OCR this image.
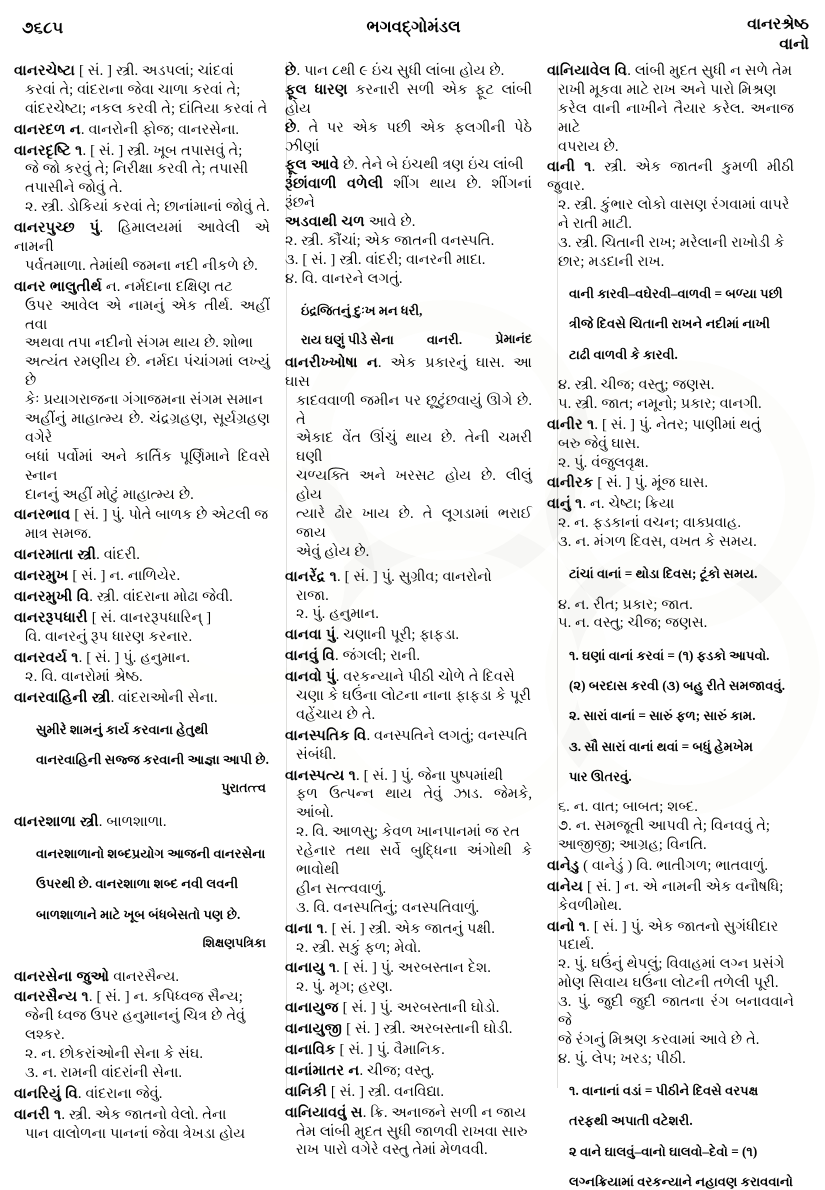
૭૬૮૫	ભગવદ્ગોમંડલ	વાનરશ્રેષ્ઠ
વાનો

વાનરચેષ્ટા [ સં. ] સ્ત્રી. અડપલાં; ચાંદવાં

કરવાં તે; વાંદરાના જેવા ચાળા કરવાં તે;

વાંદરચેષ્ટા; નકલ કરવી તે; દાંતિયા કરવાં તે

વાનરદળ ન. વાનરોની ફોજ; વાનરસેના.

વાનરદૃષ્ટિ ૧. [ સં. ] સ્ત્રી. ખૂબ તપાસવું તે;

જે જો કરવું તે; નિરીક્ષા કરવી તે; તપાસી

તપાસીને જોવું તે.

૨. સ્ત્રી. ડોકિયાં કરવાં તે; છાનાંમાનાં જોવું તે.

વાનરપુચ્છ પું. હિમાલયમાં આવેલી એ નામની

પર્વતમાળા. તેમાંથી જમના નદી નીકળે છે.

વાનર ભાલુતીર્થ ન. નર્મદાના દક્ષિણ તટ

ઉપર આવેલ એ નામનું એક તીર્થ. અહીં તવા

અથવા તપા નદીનો સંગમ થાય છે. શોભા

અત્યંત રમણીય છે. નર્મદા પંચાંગમાં લખ્યું છે

કેઃ પ્રયાગરાજના ગંગાજમના સંગમ સમાન

અહીંનું માહાત્મ્ય છે. ચંદ્રગ્રહણ, સૂર્યગ્રહણ વગેરે

બધાં પર્વોમાં અને કાર્તિક પૂર્ણિમાને દિવસે સ્નાન

દાનનું અહીં મોટું માહાત્મ્ય છે.

વાનરભાવ [ સં. ] પું. પોતે બાળક છે એટલી જ

માત્ર સમજ.

વાનરમાતા સ્ત્રી. વાંદરી.

વાનરમુખ [ સં. ] ન. નાળિયેર.

વાનરમુખી વિ. સ્ત્રી. વાંદરાના મોઢા જેવી.

વાનરરૂપધારી [ સં. વાનરરૂપધારિન્ ]

વિ. વાનરનું રૂપ ધારણ કરનાર.

વાનરવર્ય ૧. [ સં. ] પું. હનુમાન.

૨. વિ. વાનરોમાં શ્રેષ્ઠ.

વાનરવાહિની સ્ત્રી. વાંદરાઓની સેના.

સુમીરે શામનું કાર્ય કરવાના હેતુથી

વાનરવાહિની સજ્જ કરવાની આજ્ઞા આપી છે.

પુરાતત્ત્વ

વાનરશાળા સ્ત્રી. બાળશાળા.

વાનરશાળાનો શબ્દપ્રયોગ આજની વાનરસેના

ઉપરથી છે. વાનરશાળા શબ્દ નવી લવની

બાળશાળાને માટે ખૂબ બંધબેસતો પણ છે.

શિક્ષણપત્રિકા

વાનરસેના જુઓ વાનરસૈન્ય.

વાનરસૈન્ય ૧. [ સં. ] ન. કપિધ્વજ સૈન્ય;

જેની ધ્વજ ઉપર હનુમાનનું ચિત્ર છે તેવું

લશ્કર.

૨. ન. છોકરાંઓની સેના કે સંઘ.

૩. ન. રામની વાંદરાંની સેના.

વાનરિયું વિ. વાંદરાના જેવું.

વાનરી ૧. સ્ત્રી. એક જાતનો વેલો. તેના

પાન વાલોળના પાનનાં જેવા ત્રેખડા હોય

છે. પાન ૮થી ૯ ઇંચ સુધી લાંબા હોય છે.

ફૂલ ધારણ કરનારી સળી એક ફૂટ લાંબી હોય

છે. તે પર એક પછી એક ફલગીની પેઠે ઝીણાં

ફૂલ આવે છે. તેને બે ઇંચથી ત્રણ ઇંચ લાંબી

રૂંછાંવાળી વળેલી શીંગ થાય છે. શીંગનાં રૂંછને

અડવાથી ચળ આવે છે.

૨. સ્ત્રી. કૌંચાં; એક જાતની વનસ્પતિ.

૩. [ સં. ] સ્ત્રી. વાંદરી; વાનરની માદા.

૪. વિ. વાનરને લગતું.

ઇંદ્રજિતનું દુઃખ મન ધરી,

રાય ઘણું પીડે સેના	વાનરી.	પ્રેમાનંદ

વાનરીખ્ખોષા ન. એક પ્રકારનું ઘાસ. આ ઘાસ

કાદવવાળી જમીન પર છૂટુંછવાયું ઊગે છે. તે

એકાદ વેંત ઊંચું થાય છે. તેની ચમરી ઘણી

ચળ્યક્તિ અને ખરસટ હોય છે. લીલું હોય

ત્યારે ઢોર ખાય છે. તે લૂગડામાં ભરાઈ જાય

એવું હોય છે.

વાનરેંદ્ર ૧. [ સં. ] પું. સુગ્રીવ; વાનરોનો

રાજા.

૨. પું. હનુમાન.

વાનવા પું. ચણાની પૂરી; ફાફડા.

વાનવું વિ. જંગલી; રાની.

વાનવો પું. વરકન્યાને પીઠી ચોળે તે દિવસે

ચણા કે ઘઉંના લોટના નાના ફાફડા કે પૂરી

વહેંચાય છે તે.

વાનસ્પતિક વિ. વનસ્પતિને લગતું; વનસ્પતિ

સંબંધી.

વાનસ્પત્ય ૧. [ સં. ] પું. જેના પુષ્પમાંથી

ફળ ઉત્પન્ન થાય તેવું ઝાડ. જેમકે, આંબો.

૨. વિ. આળસુ; કેવળ ખાનપાનમાં જ રત

રહેનાર તથા સર્વે બુદ્ધિના અંગોથી કે ભાવોથી

હીન સત્ત્વવાળું.

૩. વિ. વનસ્પતિનું; વનસ્પતિવાળું.

વાના ૧. [ સં. ] સ્ત્રી. એક જાતનું પક્ષી.

૨. સ્ત્રી. સકું ફળ; મેવો.

વાનાયુ ૧. [ સં. ] પું. અરબસ્તાન દેશ.

૨. પું. મૃગ; હરણ.

વાનાયુજ [ સં. ] પું. અરબસ્તાની ઘોડો.

વાનાયુજી [ સં. ] સ્ત્રી. અરબસ્તાની ઘોડી.

વાનાવિક [ સં. ] પું. વૈમાનિક.

વાનાંમાતર ન. ચીજ; વસ્તુ.

વાનિકી [ સં. ] સ્ત્રી. વનવિદ્યા.

વાનિયાવવું સ. ક્રિ. અનાજને સળી ન જાય

તેમ લાંબી મુદત સુધી જાળવી રાખવા સારુ

રાખ પારો વગેરે વસ્તુ તેમાં મેળવવી.

વાનિયાવેલ વિ. લાંબી મુદત સુધી ન સળે તેમ

રાખી મૂકવા માટે રાખ અને પારો મિશ્રણ

કરેલ વાની નાખીને તૈયાર કરેલ. અનાજ માટે

વપરાય છે.

વાની ૧. સ્ત્રી. એક જાતની કુમળી મીઠી જુવાર.

૨. સ્ત્રી. કુંભાર લોકો વાસણ રંગવામાં વાપરે

ને રાતી માટી.

૩. સ્ત્રી. ચિતાની રાખ; મરેલાની રાખોડી કે

છાર; મડદાની રાખ.

વાની કારવી–વઘેરવી–વાળવી = બળ્યા પછી

ત્રીજે દિવસે ચિતાની રાખને નદીમાં નાખી

ટાઢી વાળવી કે કારવી.

૪. સ્ત્રી. ચીજ; વસ્તુ; જણસ.

૫. સ્ત્રી. જાત; નમૂનો; પ્રકાર; વાનગી.

વાનીર ૧. [ સં. ] પું. નેતર; પાણીમાં થતું

બરુ જેવું ઘાસ.

૨. પું. વંજુલવૃક્ષ.

વાનીરક [ સં. ] પું. મૂંજ ઘાસ.

વાનું ૧. ન. ચેષ્ટા; ક્રિયા

૨. ન. ફડકાનાં વચન; વાક્પ્રવાહ.

૩. ન. મંગળ દિવસ, વખત કે સમય.

ટાંચાં વાનાં = થોડા દિવસ; ટૂંકો સમય.

૪. ન. રીત; પ્રકાર; જાત.

૫. ન. વસ્તુ; ચીજ; જણસ.

૧. ઘણાં વાનાં કરવાં = (૧) ફડકો આપવો.

(૨) બરદાસ કરવી (૩) બહુ રીતે સમજાવવું.

૨. સારાં વાનાં = સારું ફળ; સારું કામ.

૩. સૌ સારાં વાનાં થવાં = બધું હેમખેમ

પાર ઊતરવું.

૬. ન. વાત; બાબત; શબ્દ.

૭. ન. સમજૂતી આપવી તે; વિનવવું તે;

આજીજી; આગ્રહ; વિનતિ.

વાનેડુ ( વાનેડું ) વિ. ભાતીગળ; ભાતવાળું.

વાનેય [ સં. ] ન. એ નામની એક વનૌષધિ;

કેવળીમોથ.

વાનો ૧. [ સં. ] પું. એક જાતનો સુગંધીદાર

પદાર્થ.

૨. પું. ઘઉંનું થેપલું; વિવાહમાં લગ્ન પ્રસંગે

મોણ સિવાય ઘઉંના લોટની તળેલી પૂરી.

૩. પું. જુદી જુદી જાતના રંગ બનાવવાને જે

જે રંગનું મિશ્રણ કરવામાં આવે છે તે.

૪. પું. લેપ; ખરડ; પીઠી.

૧. વાનાનાં વડાં = પીઠીને દિવસે વરપક્ષ

તરફથી અપાતી વટેશરી.

૨ વાને ઘાલવું–વાનો ઘાલવો–દેવો = (૧)

લગ્નક્રિયામાં વરકન્યાને નહાવણ કરાવવાનો
